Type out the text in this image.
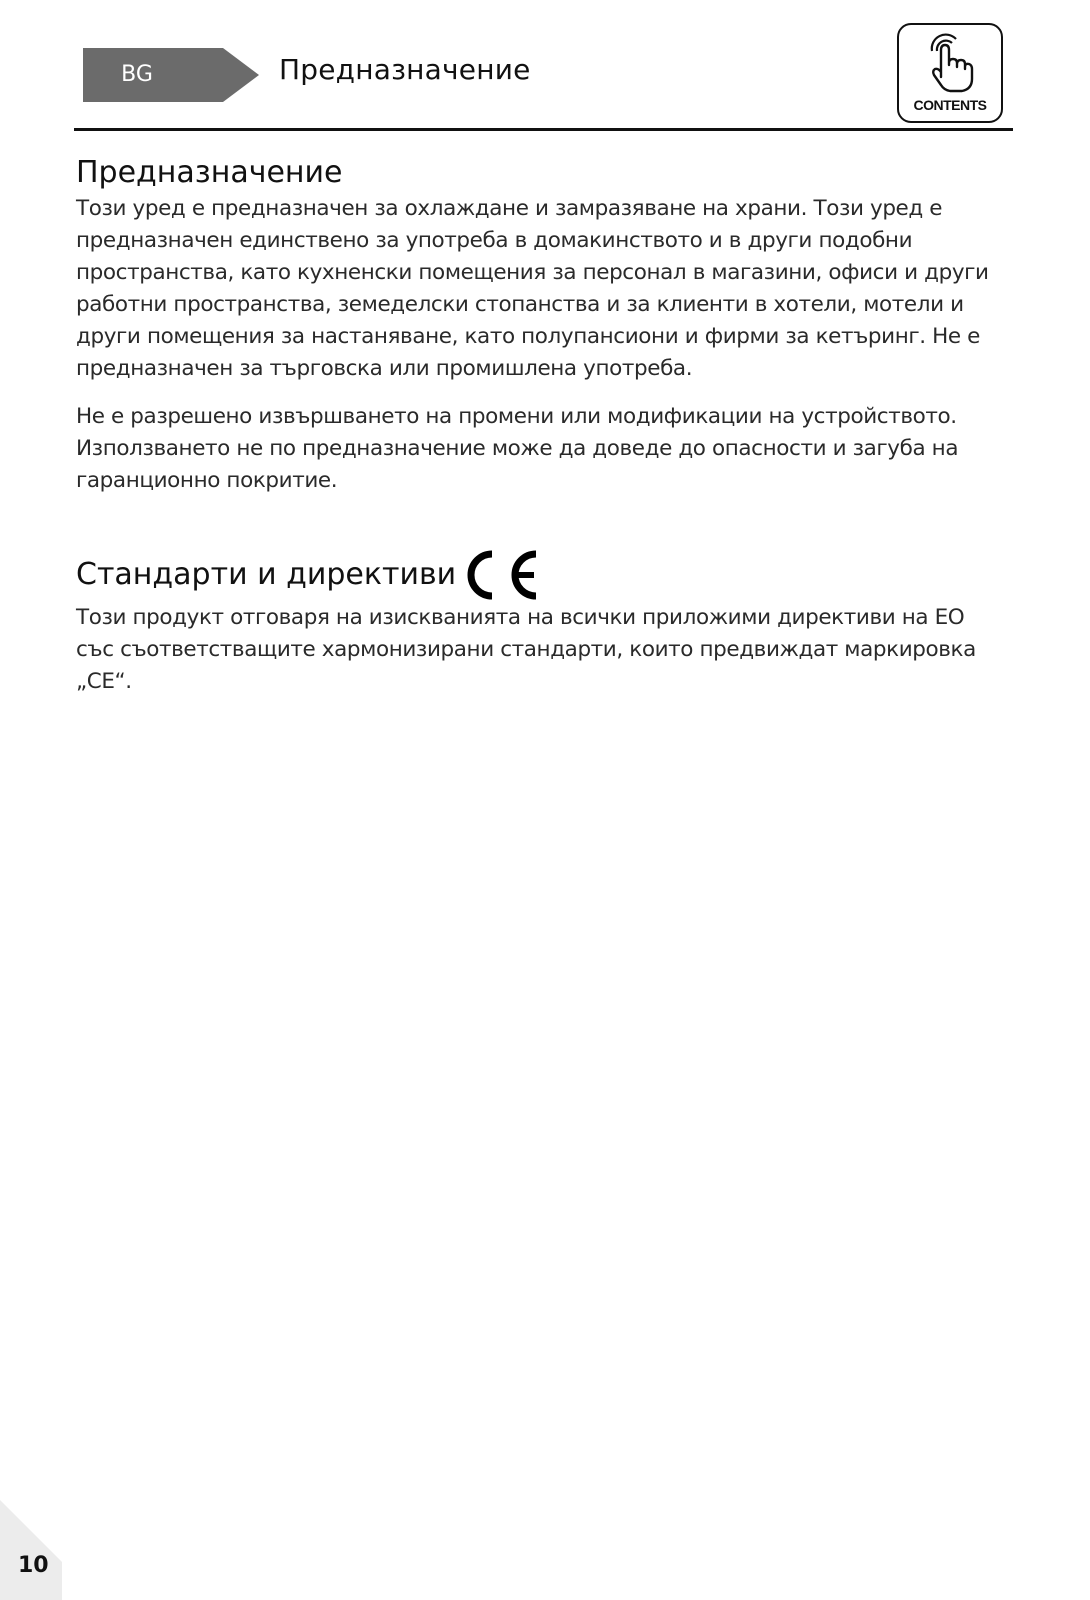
BG	Предназначение
CONTENTS
Предназначение

Този уред е предназначен за охлаждане и замразяване на храни. Този уред е предназначен единствено за употреба в домакинството и в други подобни пространства, като кухненски помещения за персонал в магазини, офиси и други работни пространства, земеделски стопанства и за клиенти в хотели, мотели и други помещения за настаняване, като полупансиони и фирми за кетъринг. Не е предназначен за търговска или промишлена употреба.

Не е разрешено извършването на промени или модификации на устройството. Използването не по предназначение може да доведе до опасности и загуба на гаранционно покритие.

Стандарти и директиви

Този продукт отговаря на изискванията на всички приложими директиви на ЕО със съответстващите хармонизирани стандарти, които предвиждат маркировка „CE“.

10
